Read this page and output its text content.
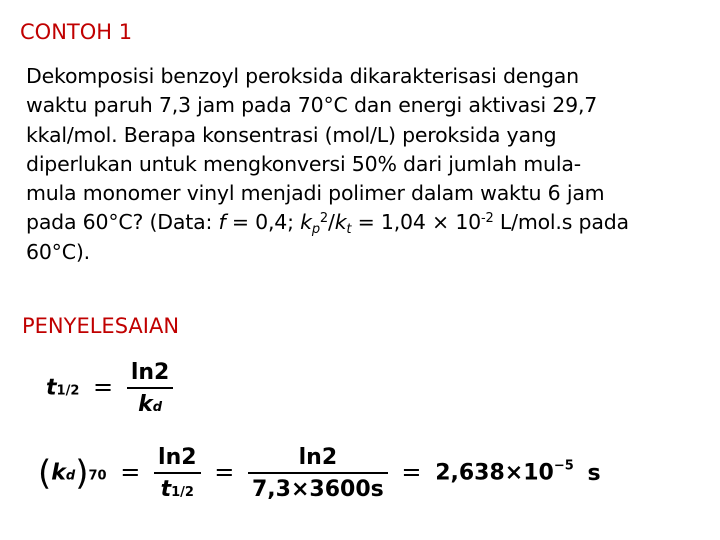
CONTOH 1
Dekomposisi benzoyl peroksida dikarakterisasi dengan
waktu paruh 7,3 jam pada 70°C dan energi aktivasi 29,7
kkal/mol. Berapa konsentrasi (mol/L) peroksida yang
diperlukan untuk mengkonversi 50% dari jumlah mula-
mula monomer vinyl menjadi polimer dalam waktu 6 jam
pada 60°C? (Data: f = 0,4; $k_p^2/k_t = 1,04 \times 10^{-2}$ L/mol.s pada
60°C).
PENYELESAIAN
$t1/2 = \frac{\ln 2}{kd}$
$(kd)70 = \frac{\ln 2}{t1/2} = \frac{\ln 2}{7,3\times 3600s} = 2,638\times 10^{-5}$ s
